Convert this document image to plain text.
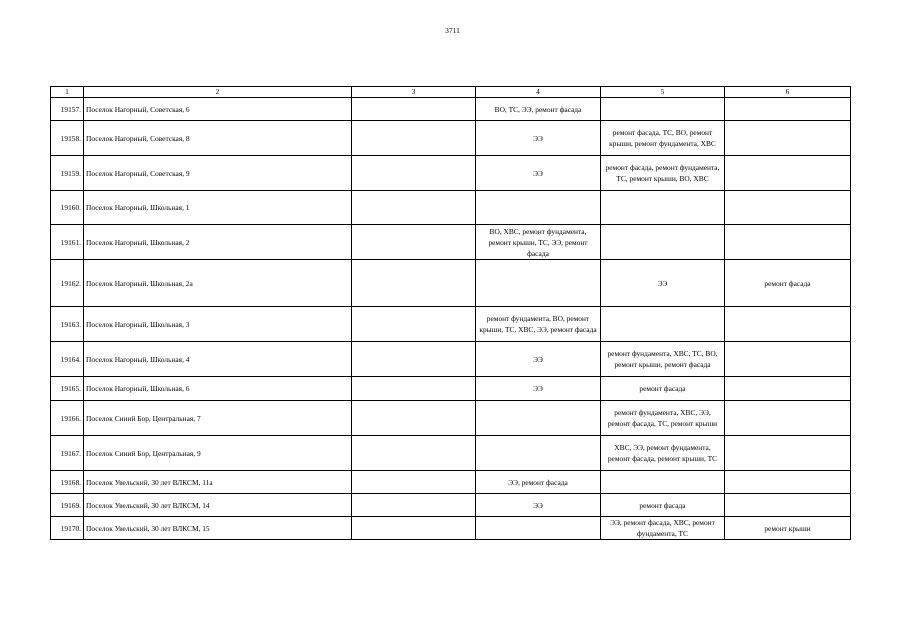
3711
1	2	3	4	5	6
19157.	Поселок Нагорный, Советская, 6		ВО, ТС, ЭЭ, ремонт фасада		
19158.	Поселок Нагорный, Советская, 8		ЭЭ	ремонт фасада, ТС, ВО, ремонт крыши, ремонт фундамента, ХВС	
19159.	Поселок Нагорный, Советская, 9		ЭЭ	ремонт фасада, ремонт фундамента, ТС, ремонт крыши, ВО, ХВС	
19160.	Поселок Нагорный, Школьная, 1				
19161.	Поселок Нагорный, Школьная, 2		ВО, ХВС, ремонт фундамента, ремонт крыши, ТС, ЭЭ, ремонт фасада		
19162.	Поселок Нагорный, Школьная, 2а			ЭЭ	ремонт фасада
19163.	Поселок Нагорный, Школьная, 3		ремонт фундамента, ВО, ремонт крыши, ТС, ХВС, ЭЭ, ремонт фасада		
19164.	Поселок Нагорный, Школьная, 4		ЭЭ	ремонт фундамента, ХВС, ТС, ВО, ремонт крыши, ремонт фасада	
19165.	Поселок Нагорный, Школьная, 6		ЭЭ	ремонт фасада	
19166.	Поселок Синий Бор, Центральная, 7			ремонт фундамента, ХВС, ЭЭ, ремонт фасада, ТС, ремонт крыши	
19167.	Поселок Синий Бор, Центральная, 9			ХВС, ЭЭ, ремонт фундамента, ремонт фасада, ремонт крыши, ТС	
19168.	Поселок Увельский, 30 лет ВЛКСМ, 11а		ЭЭ, ремонт фасада		
19169.	Поселок Увельский, 30 лет ВЛКСМ, 14		ЭЭ	ремонт фасада	
19170.	Поселок Увельский, 30 лет ВЛКСМ, 15			ЭЭ, ремонт фасада, ХВС, ремонт фундамента, ТС	ремонт крыши
